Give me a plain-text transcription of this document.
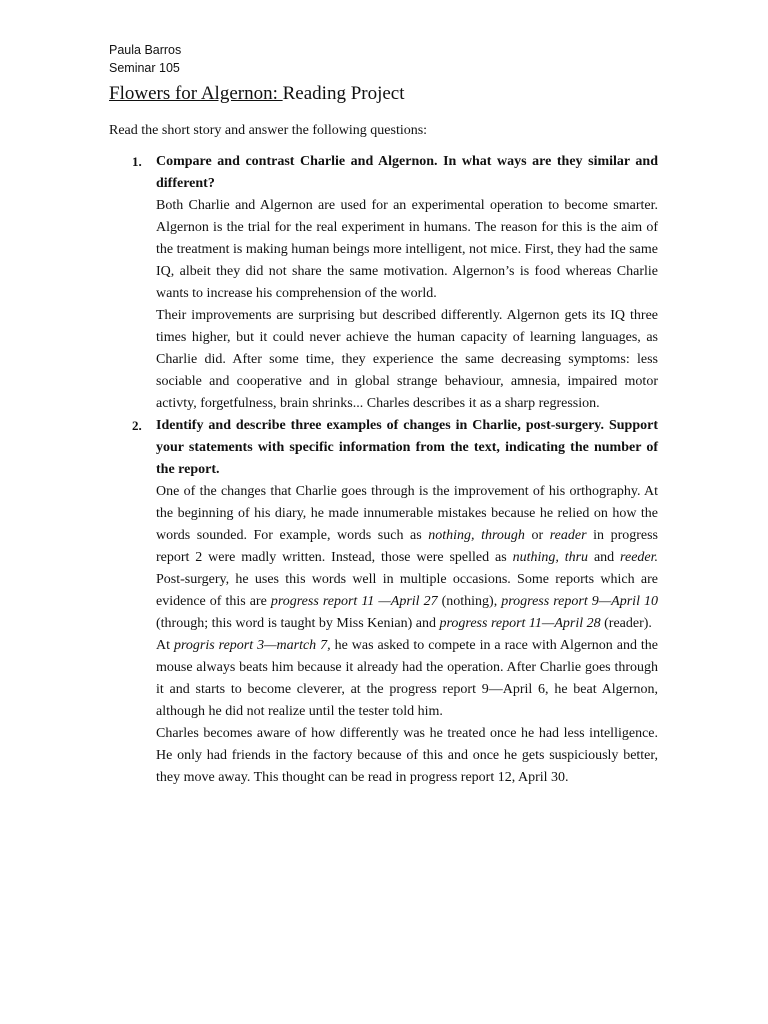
Paula Barros
Seminar 105
Flowers for Algernon: Reading Project
Read the short story and answer the following questions:
1. Compare and contrast Charlie and Algernon. In what ways are they similar and different?

Both Charlie and Algernon are used for an experimental operation to become smarter. Algernon is the trial for the real experiment in humans. The reason for this is the aim of the treatment is making human beings more intelligent, not mice. First, they had the same IQ, albeit they did not share the same motivation. Algernon’s is food whereas Charlie wants to increase his comprehension of the world.

Their improvements are surprising but described differently. Algernon gets its IQ three times higher, but it could never achieve the human capacity of learning languages, as Charlie did. After some time, they experience the same decreasing symptoms: less sociable and cooperative and in global strange behaviour, amnesia, impaired motor activty, forgetfulness, brain shrinks... Charles describes it as a sharp regression.

2. Identify and describe three examples of changes in Charlie, post-surgery. Support your statements with specific information from the text, indicating the number of the report.

One of the changes that Charlie goes through is the improvement of his orthography. At the beginning of his diary, he made innumerable mistakes because he relied on how the words sounded. For example, words such as nothing, through or reader in progress report 2 were madly written. Instead, those were spelled as nuthing, thru and reeder. Post-surgery, he uses this words well in multiple occasions. Some reports which are evidence of this are progress report 11 —April 27 (nothing), progress report 9—April 10 (through; this word is taught by Miss Kenian) and progress report 11—April 28 (reader).

At progris report 3—martch 7, he was asked to compete in a race with Algernon and the mouse always beats him because it already had the operation. After Charlie goes through it and starts to become cleverer, at the progress report 9—April 6, he beat Algernon, although he did not realize until the tester told him.

Charles becomes aware of how differently was he treated once he had less intelligence. He only had friends in the factory because of this and once he gets suspiciously better, they move away. This thought can be read in progress report 12, April 30.
